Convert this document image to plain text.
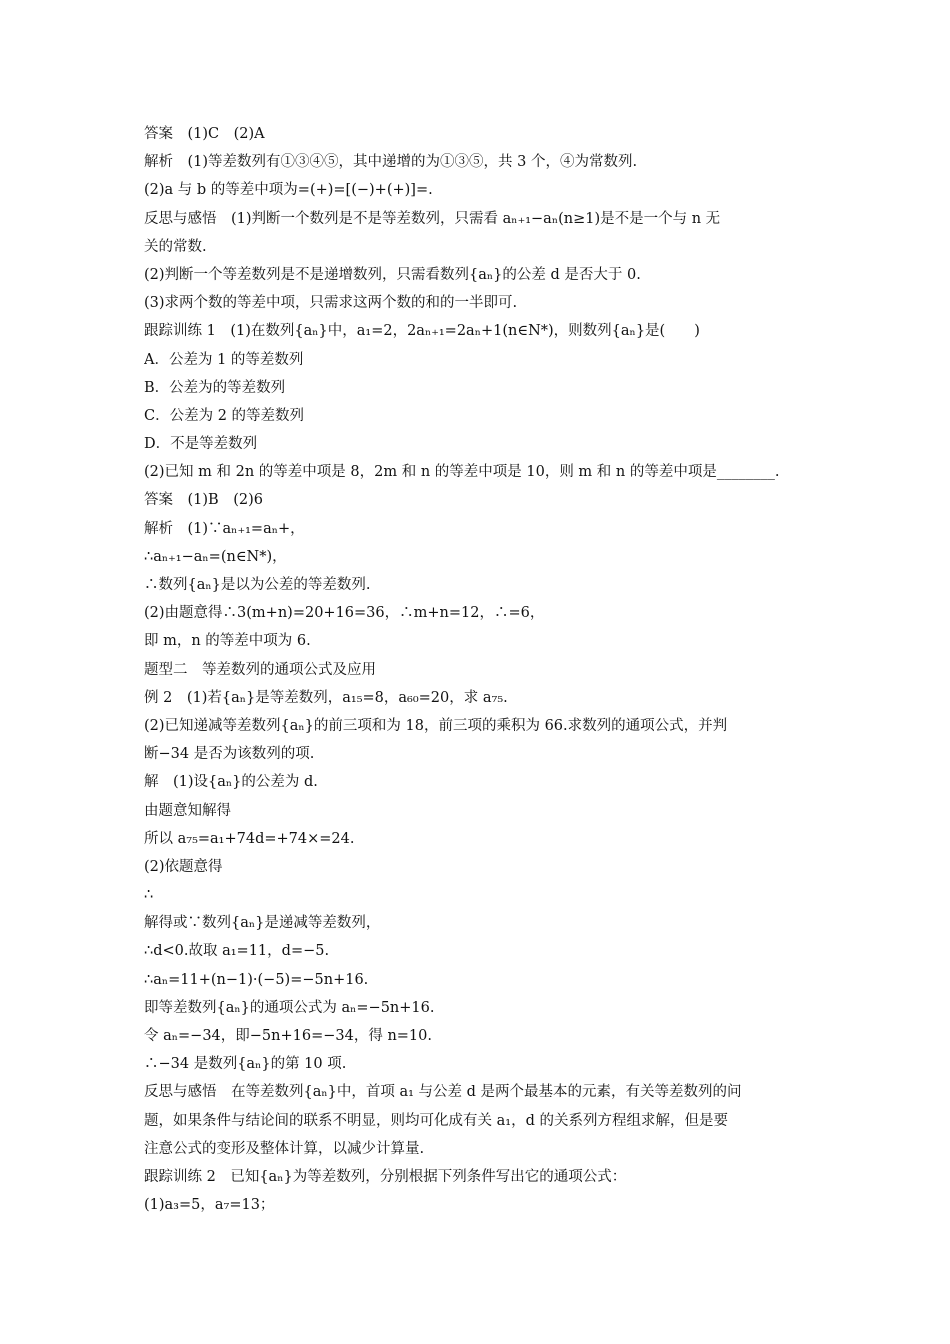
答案　(1)C　(2)A
解析　(1)等差数列有①③④⑤，其中递增的为①③⑤，共 3 个，④为常数列.
(2)a 与 b 的等差中项为=(+)=[(−)+(+)]=.
反思与感悟　(1)判断一个数列是不是等差数列，只需看 aₙ₊₁−aₙ(n≥1)是不是一个与 n 无
关的常数.
(2)判断一个等差数列是不是递增数列，只需看数列{aₙ}的公差 d 是否大于 0.
(3)求两个数的等差中项，只需求这两个数的和的一半即可.
跟踪训练 1　(1)在数列{aₙ}中，a₁=2，2aₙ₊₁=2aₙ+1(n∈N*)，则数列{aₙ}是(　　)
A．公差为 1 的等差数列
B．公差为的等差数列
C．公差为 2 的等差数列
D．不是等差数列
(2)已知 m 和 2n 的等差中项是 8，2m 和 n 的等差中项是 10，则 m 和 n 的等差中项是________.
答案　(1)B　(2)6
解析　(1)∵aₙ₊₁=aₙ+，
∴aₙ₊₁−aₙ=(n∈N*)，
∴数列{aₙ}是以为公差的等差数列.
(2)由题意得∴3(m+n)=20+16=36，∴m+n=12，∴=6，
即 m，n 的等差中项为 6.
题型二　等差数列的通项公式及应用
例 2　(1)若{aₙ}是等差数列，a₁₅=8，a₆₀=20，求 a₇₅.
(2)已知递减等差数列{aₙ}的前三项和为 18，前三项的乘积为 66.求数列的通项公式，并判
断−34 是否为该数列的项.
解　(1)设{aₙ}的公差为 d.
由题意知解得
所以 a₇₅=a₁+74d=+74×=24.
(2)依题意得
∴
解得或∵数列{aₙ}是递减等差数列，
∴d<0.故取 a₁=11，d=−5.
∴aₙ=11+(n−1)·(−5)=−5n+16.
即等差数列{aₙ}的通项公式为 aₙ=−5n+16.
令 aₙ=−34，即−5n+16=−34，得 n=10.
∴−34 是数列{aₙ}的第 10 项.
反思与感悟　在等差数列{aₙ}中，首项 a₁ 与公差 d 是两个最基本的元素，有关等差数列的问
题，如果条件与结论间的联系不明显，则均可化成有关 a₁，d 的关系列方程组求解，但是要
注意公式的变形及整体计算，以减少计算量.
跟踪训练 2　已知{aₙ}为等差数列，分别根据下列条件写出它的通项公式：
(1)a₃=5，a₇=13；
